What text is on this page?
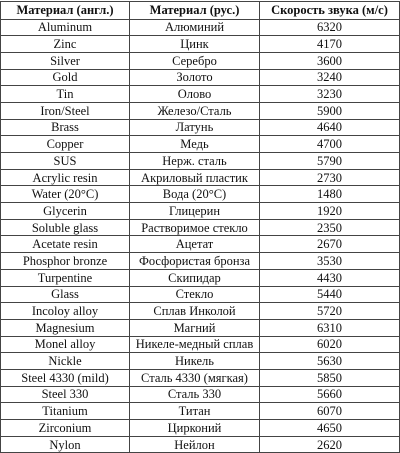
Материал (англ.)	Материал (рус.)	Скорость звука (м/с)
Aluminum	Алюминий	6320
Zinc	Цинк	4170
Silver	Серебро	3600
Gold	Золото	3240
Tin	Олово	3230
Iron/Steel	Железо/Сталь	5900
Brass	Латунь	4640
Copper	Медь	4700
SUS	Нерж. сталь	5790
Acrylic resin	Акриловый пластик	2730
Water (20°C)	Вода (20°C)	1480
Glycerin	Глицерин	1920
Soluble glass	Растворимое стекло	2350
Acetate resin	Ацетат	2670
Phosphor bronze	Фосфористая бронза	3530
Turpentine	Скипидар	4430
Glass	Стекло	5440
Incoloy alloy	Сплав Инколой	5720
Magnesium	Магний	6310
Monel alloy	Никеле-медный сплав	6020
Nickle	Никель	5630
Steel 4330 (mild)	Сталь 4330 (мягкая)	5850
Steel 330	Сталь 330	5660
Titanium	Титан	6070
Zirconium	Цирконий	4650
Nylon	Нейлон	2620
